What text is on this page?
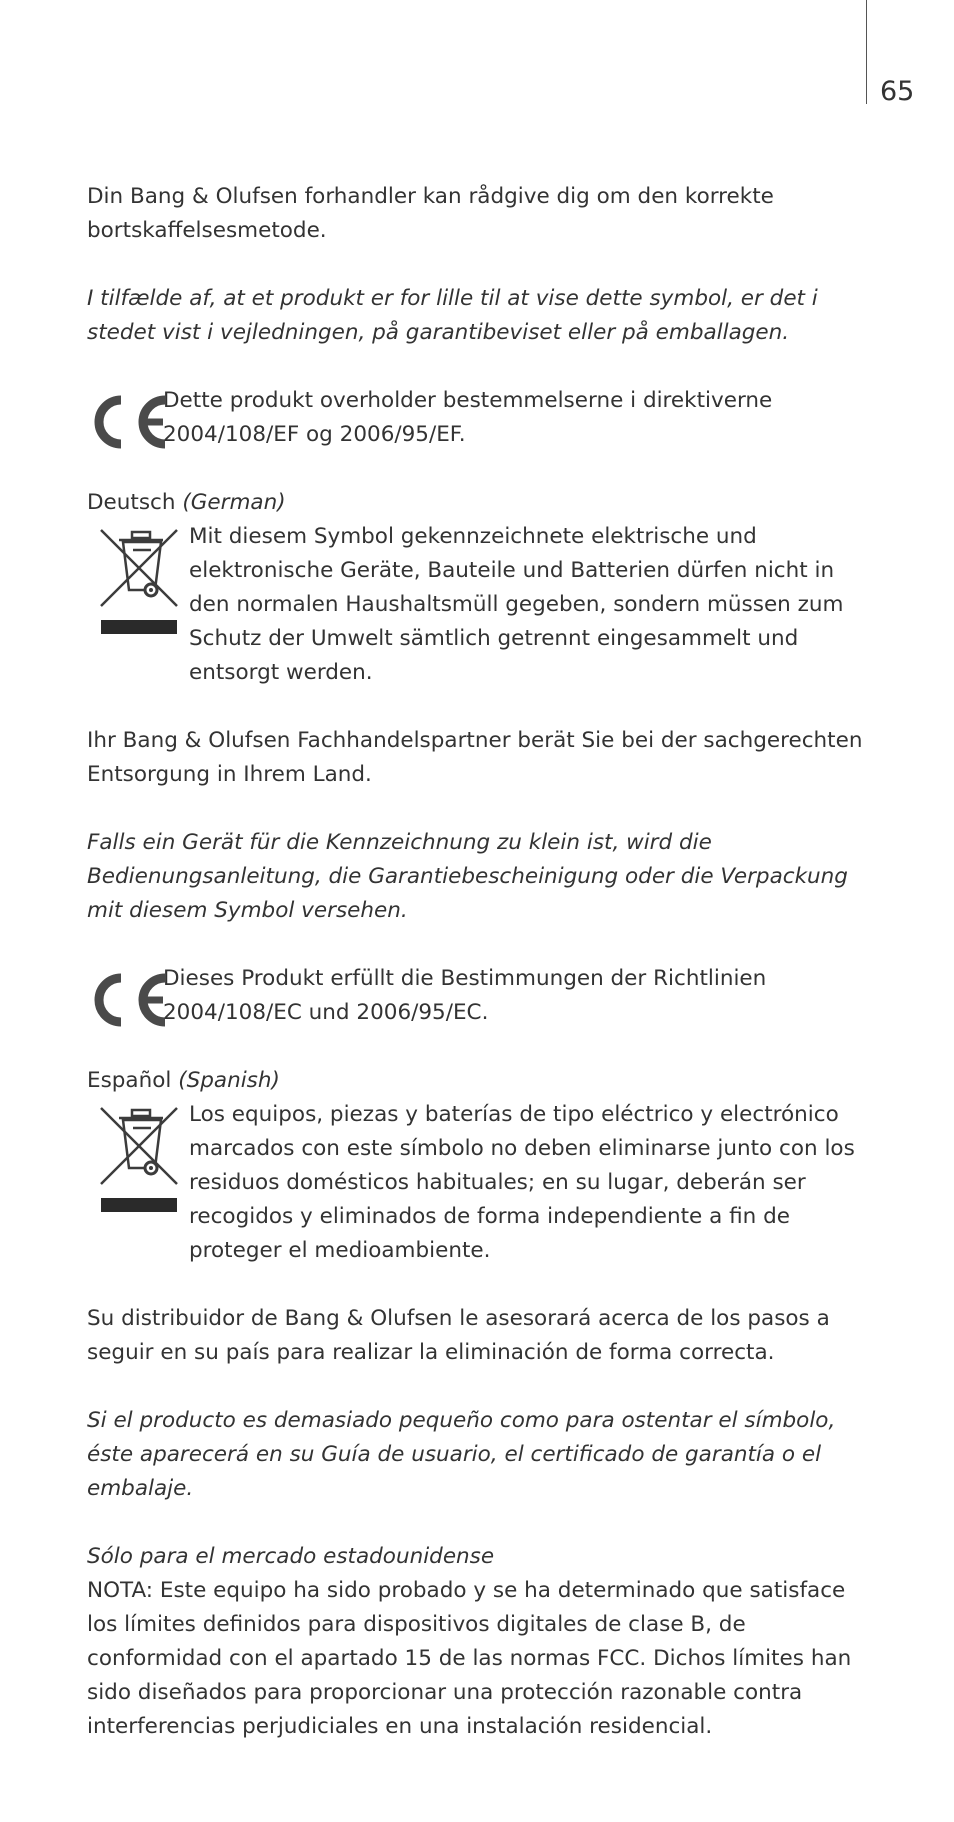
65

Din Bang & Olufsen forhandler kan rådgive dig om den korrekte bortskaffelsesmetode.

I tilfælde af, at et produkt er for lille til at vise dette symbol, er det i stedet vist i vejledningen, på garantibeviset eller på emballagen.

Dette produkt overholder bestemmelserne i direktiverne 2004/108/EF og 2006/95/EF.

Deutsch (German)

Mit diesem Symbol gekennzeichnete elektrische und elektronische Geräte, Bauteile und Batterien dürfen nicht in den normalen Haushaltsmüll gegeben, sondern müssen zum Schutz der Umwelt sämtlich getrennt eingesammelt und entsorgt werden.

Ihr Bang & Olufsen Fachhandelspartner berät Sie bei der sachgerechten Entsorgung in Ihrem Land.

Falls ein Gerät für die Kennzeichnung zu klein ist, wird die Bedienungsanleitung, die Garantiebescheinigung oder die Verpackung mit diesem Symbol versehen.

Dieses Produkt erfüllt die Bestimmungen der Richtlinien 2004/108/EC und 2006/95/EC.

Español (Spanish)

Los equipos, piezas y baterías de tipo eléctrico y electrónico marcados con este símbolo no deben eliminarse junto con los residuos domésticos habituales; en su lugar, deberán ser recogidos y eliminados de forma independiente a fin de proteger el medioambiente.

Su distribuidor de Bang & Olufsen le asesorará acerca de los pasos a seguir en su país para realizar la eliminación de forma correcta.

Si el producto es demasiado pequeño como para ostentar el símbolo, éste aparecerá en su Guía de usuario, el certificado de garantía o el embalaje.

Sólo para el mercado estadounidense

NOTA: Este equipo ha sido probado y se ha determinado que satisface los límites definidos para dispositivos digitales de clase B, de conformidad con el apartado 15 de las normas FCC. Dichos límites han sido diseñados para proporcionar una protección razonable contra interferencias perjudiciales en una instalación residencial.
